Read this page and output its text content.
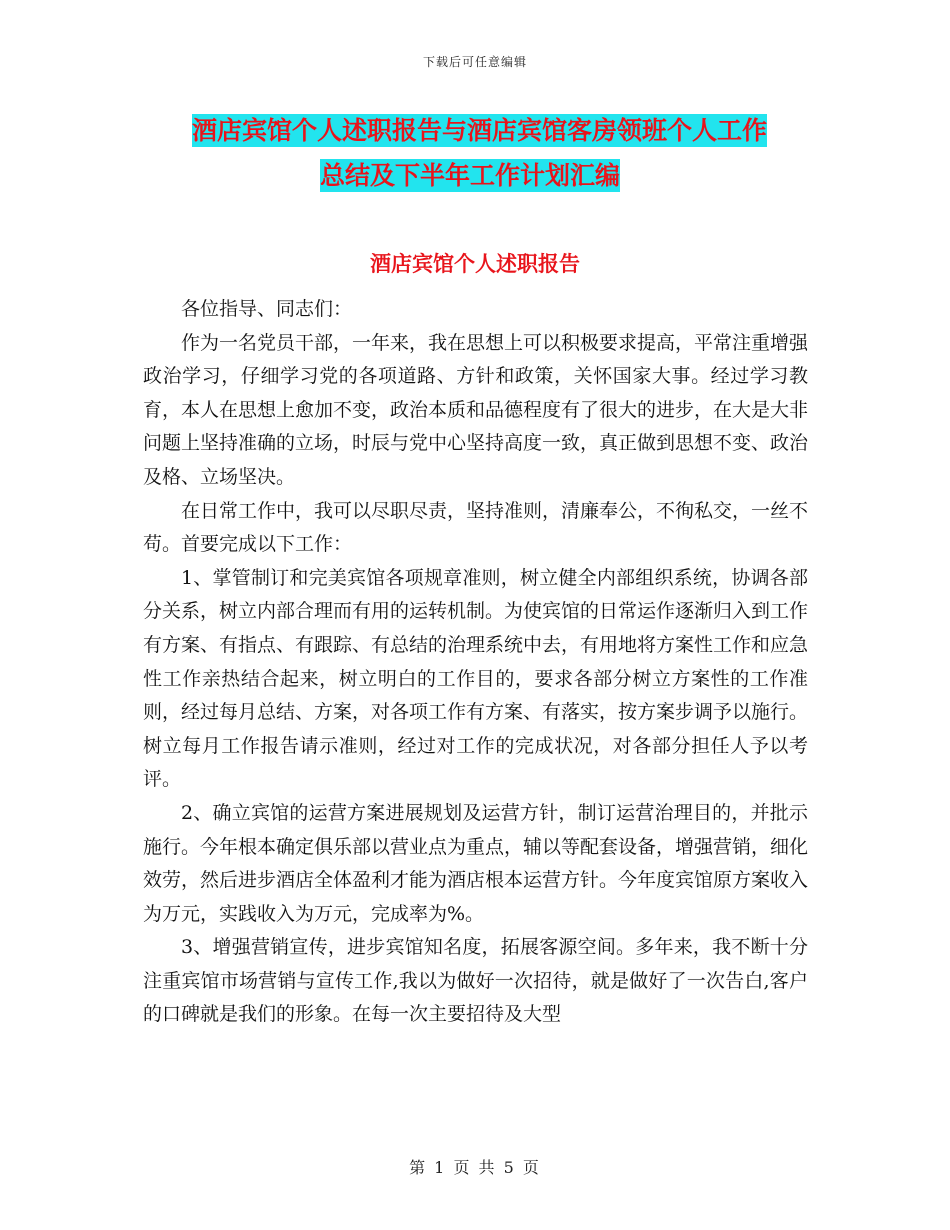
下载后可任意编辑
酒店宾馆个人述职报告与酒店宾馆客房领班个人工作
总结及下半年工作计划汇编
酒店宾馆个人述职报告

各位指导、同志们：

作为一名党员干部，一年来，我在思想上可以积极要求提高，平常注重增强政治学习，仔细学习党的各项道路、方针和政策，关怀国家大事。经过学习教育，本人在思想上愈加不变，政治本质和品德程度有了很大的进步，在大是大非问题上坚持准确的立场，时辰与党中心坚持高度一致，真正做到思想不变、政治及格、立场坚决。

在日常工作中，我可以尽职尽责，坚持准则，清廉奉公，不徇私交，一丝不苟。首要完成以下工作：

1、掌管制订和完美宾馆各项规章准则，树立健全内部组织系统，协调各部分关系，树立内部合理而有用的运转机制。为使宾馆的日常运作逐渐归入到工作有方案、有指点、有跟踪、有总结的治理系统中去，有用地将方案性工作和应急性工作亲热结合起来，树立明白的工作目的，要求各部分树立方案性的工作准则，经过每月总结、方案，对各项工作有方案、有落实，按方案步调予以施行。树立每月工作报告请示准则，经过对工作的完成状况，对各部分担任人予以考评。

2、确立宾馆的运营方案进展规划及运营方针，制订运营治理目的，并批示施行。今年根本确定俱乐部以营业点为重点，辅以等配套设备，增强营销，细化效劳，然后进步酒店全体盈利才能为酒店根本运营方针。今年度宾馆原方案收入为万元，实践收入为万元，完成率为%。

3、增强营销宣传，进步宾馆知名度，拓展客源空间。多年来，我不断十分注重宾馆市场营销与宣传工作,我以为做好一次招待，就是做好了一次告白,客户的口碑就是我们的形象。在每一次主要招待及大型

第 1 页 共 5 页
